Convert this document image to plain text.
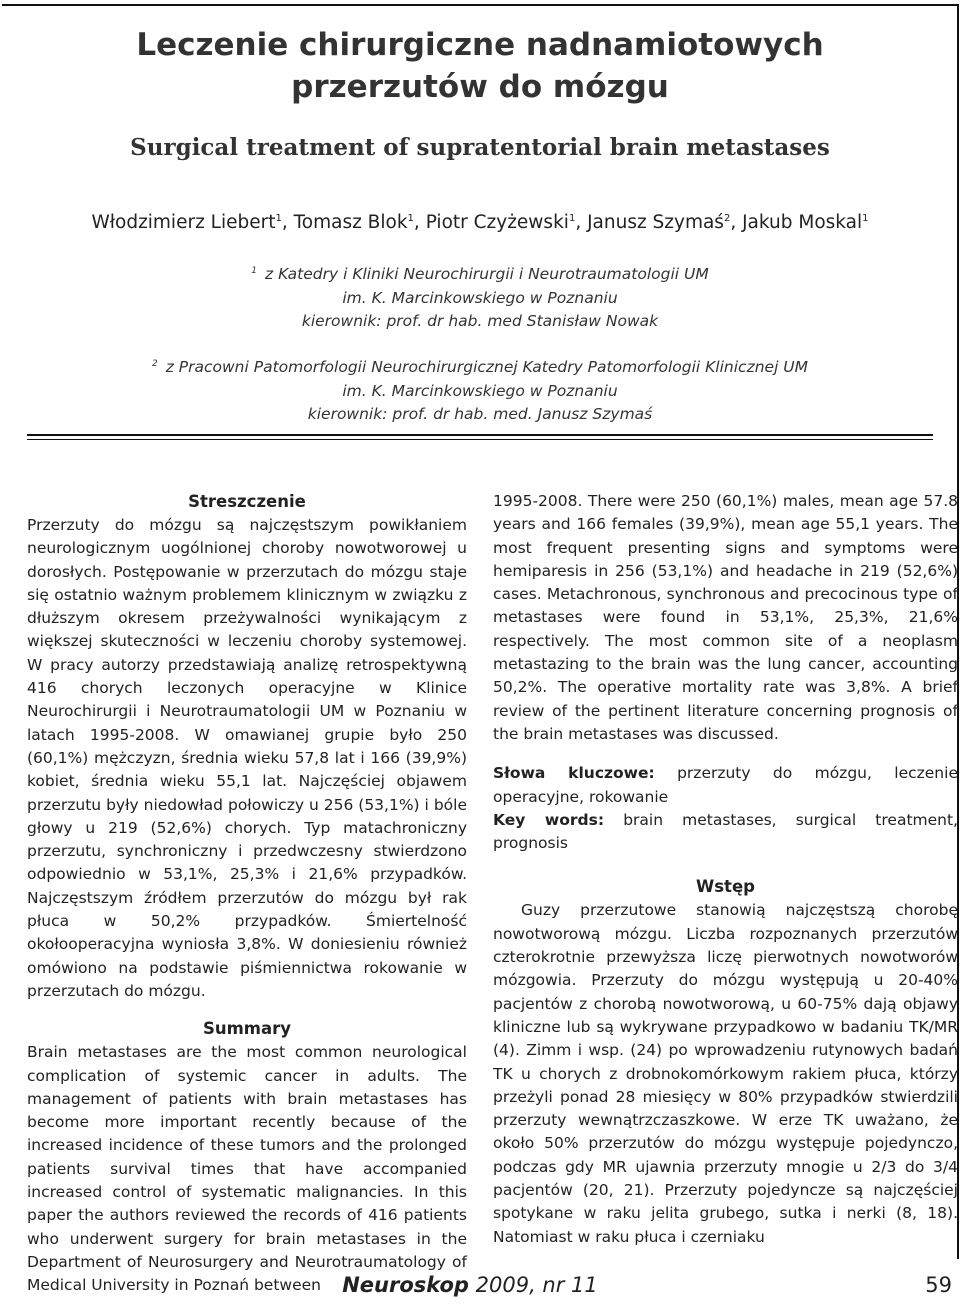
Leczenie chirurgiczne nadnamiotowych
przerzutów do mózgu
Surgical treatment of supratentorial brain metastases
Włodzimierz Liebert$^1$, Tomasz Blok$^1$, Piotr Czyżewski$^1$, Janusz Szymaś$^2$, Jakub Moskal$^1$
$^1$ z Katedry i Kliniki Neurochirurgii i Neurotraumatologii UM
im. K. Marcinkowskiego w Poznaniu
kierownik: prof. dr hab. med Stanisław Nowak
$^2$ z Pracowni Patomorfologii Neurochirurgicznej Katedry Patomorfologii Klinicznej UM
im. K. Marcinkowskiego w Poznaniu
kierownik: prof. dr hab. med. Janusz Szymaś
Streszczenie

Przerzuty do mózgu są najczęstszym powikłaniem neurologicznym uogólnionej choroby nowotworowej u dorosłych. Postępowanie w przerzutach do mózgu staje się ostatnio ważnym problemem klinicznym w związku z dłuższym okresem przeżywalności wynikającym z większej skuteczności w leczeniu choroby systemowej. W pracy autorzy przedstawiają analizę retrospektywną 416 chorych leczonych operacyjne w Klinice Neurochirurgii i Neurotraumatologii UM w Poznaniu w latach 1995-2008. W omawianej grupie było 250 (60,1%) mężczyzn, średnia wieku 57,8 lat i 166 (39,9%) kobiet, średnia wieku 55,1 lat. Najczęściej objawem przerzutu były niedowład połowiczy u 256 (53,1%) i bóle głowy u 219 (52,6%) chorych. Typ matachroniczny przerzutu, synchroniczny i przedwczesny stwierdzono odpowiednio w 53,1%, 25,3% i 21,6% przypadków. Najczęstszym źródłem przerzutów do mózgu był rak płuca w 50,2% przypadków. Śmiertelność okołooperacyjna wyniosła 3,8%. W doniesieniu również omówiono na podstawie piśmiennictwa rokowanie w przerzutach do mózgu.

Summary

Brain metastases are the most common neurological complication of systemic cancer in adults. The management of patients with brain metastases has become more important recently because of the increased incidence of these tumors and the prolonged patients survival times that have accompanied increased control of systematic malignancies. In this paper the authors reviewed the records of 416 patients who underwent surgery for brain metastases in the Department of Neurosurgery and Neurotraumatology of Medical University in Poznań between

1995-2008. There were 250 (60,1%) males, mean age 57.8 years and 166 females (39,9%), mean age 55,1 years. The most frequent presenting signs and symptoms were hemiparesis in 256 (53,1%) and headache in 219 (52,6%) cases. Metachronous, synchronous and precocinous type of metastases were found in 53,1%, 25,3%, 21,6% respectively. The most common site of a neoplasm metastazing to the brain was the lung cancer, accounting 50,2%. The operative mortality rate was 3,8%. A brief review of the pertinent literature concerning prognosis of the brain metastases was discussed.

Słowa kluczowe: przerzuty do mózgu, leczenie operacyjne, rokowanie

Key words: brain metastases, surgical treatment, prognosis

Wstęp

Guzy przerzutowe stanowią najczęstszą chorobę nowotworową mózgu. Liczba rozpoznanych przerzutów czterokrotnie przewyższa liczę pierwotnych nowotworów mózgowia. Przerzuty do mózgu występują u 20-40% pacjentów z chorobą nowotworową, u 60-75% dają objawy kliniczne lub są wykrywane przypadkowo w badaniu TK/MR (4). Zimm i wsp. (24) po wprowadzeniu rutynowych badań TK u chorych z drobnokomórkowym rakiem płuca, którzy przeżyli ponad 28 miesięcy w 80% przypadków stwierdzili przerzuty wewnątrzczaszkowe. W erze TK uważano, że około 50% przerzutów do mózgu występuje pojedynczo, podczas gdy MR ujawnia przerzuty mnogie u 2/3 do 3/4 pacjentów (20, 21). Przerzuty pojedyncze są najczęściej spotykane w raku jelita grubego, sutka i nerki (8, 18). Natomiast w raku płuca i czerniaku

Neuroskop 2009, nr 11	59
